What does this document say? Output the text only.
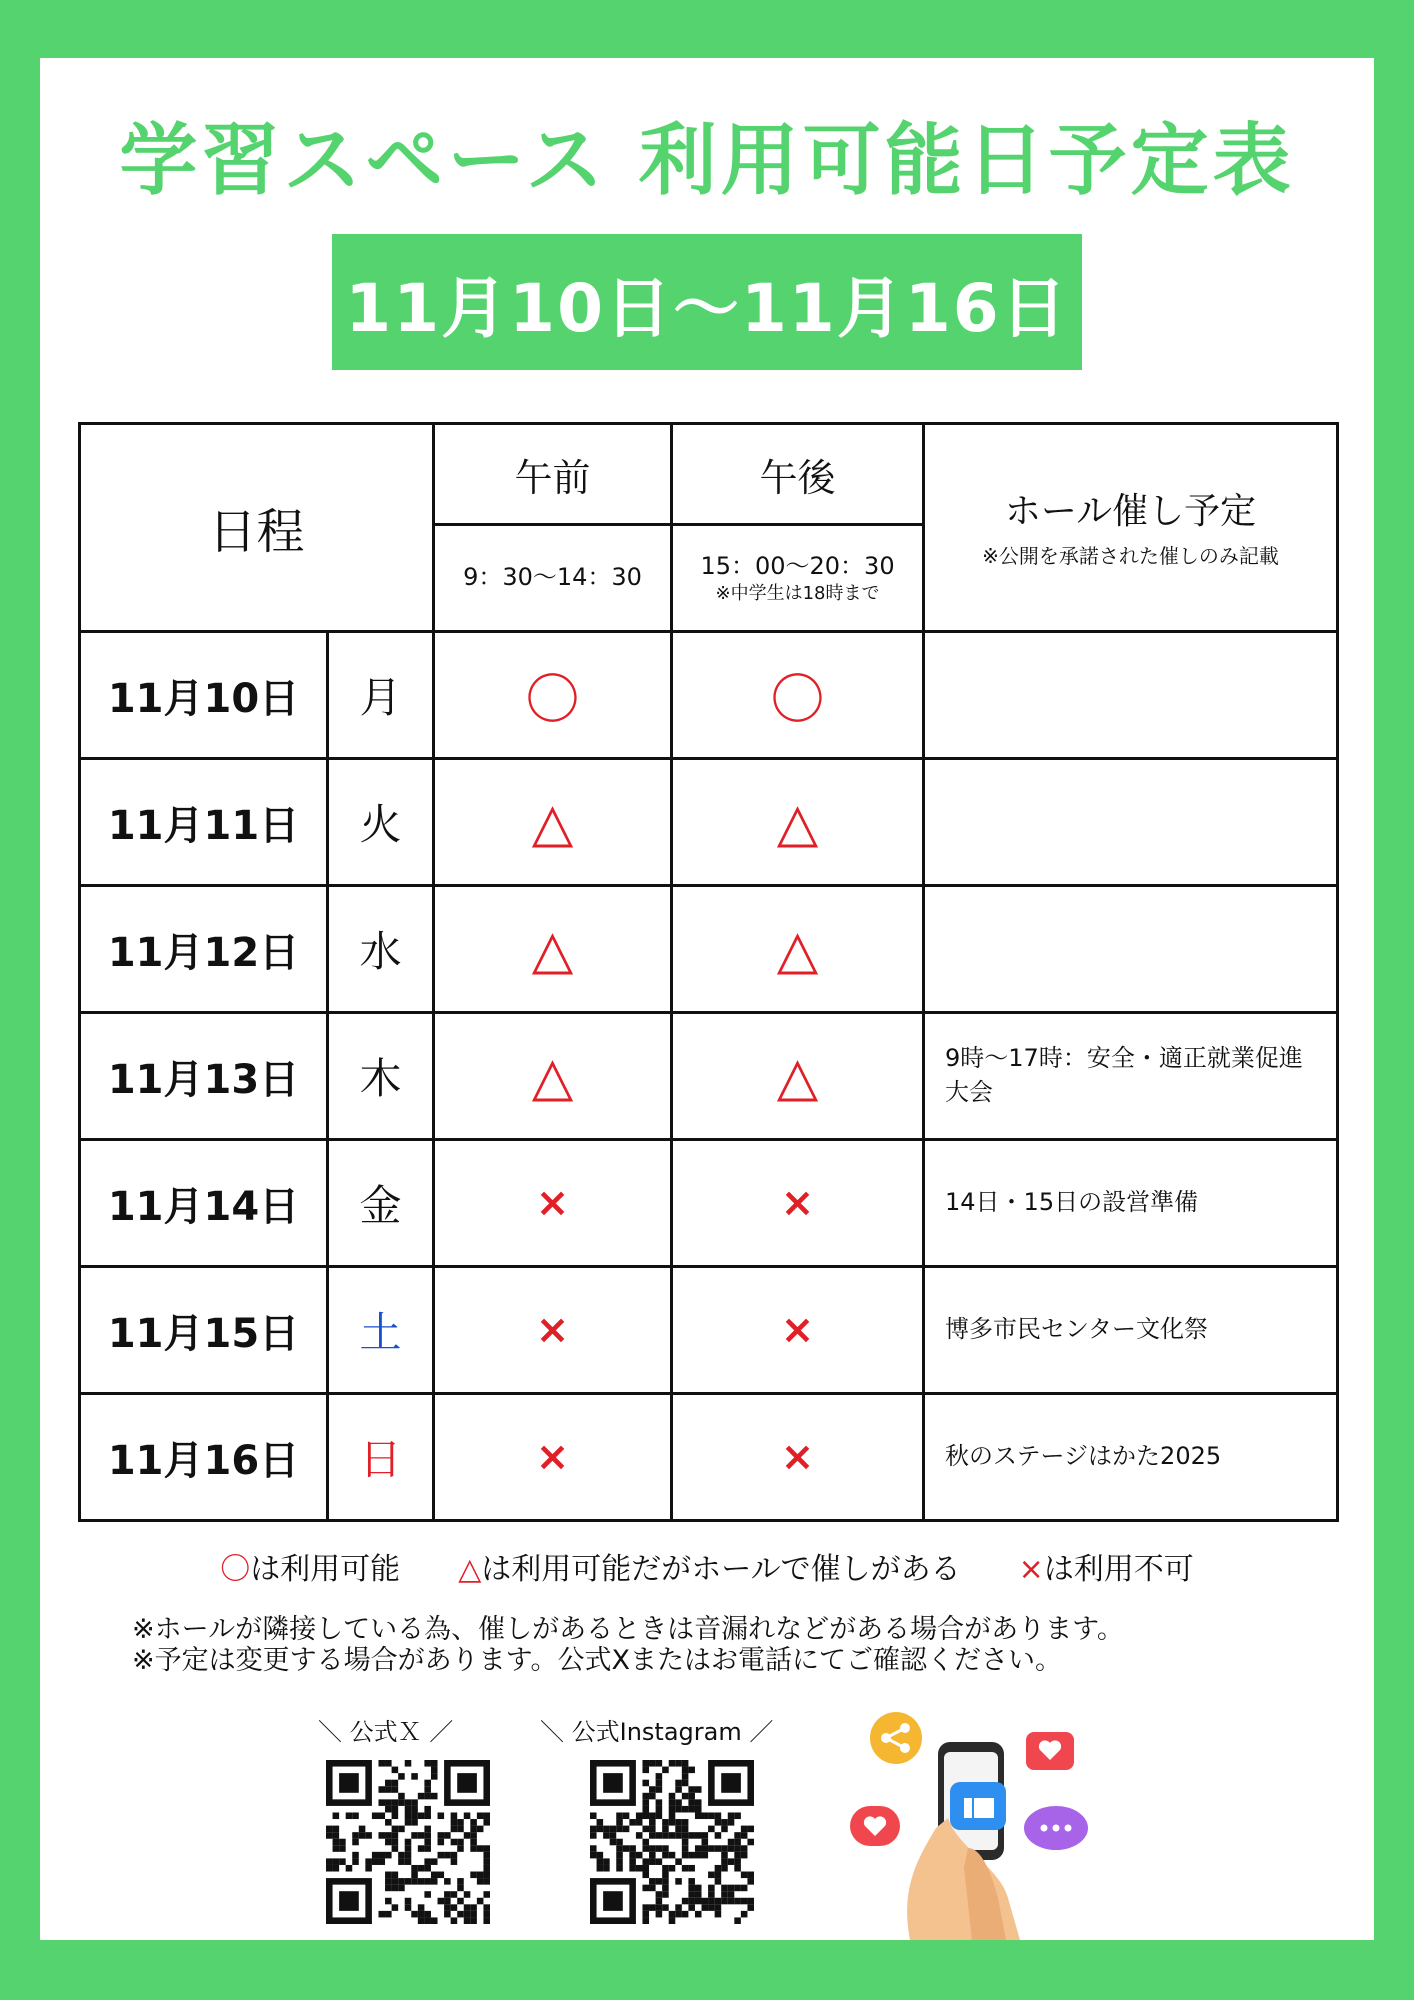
学習スペース 利用可能日予定表
11月10日～11月16日
日程		午前	午後	ホール催し予定
※公開を承諾された催しのみ記載

		9：30～14：30	15：00～20：30
※中学生は18時まで	

11月10日	月	〇	〇	
11月11日	火	△	△	
11月12日	水	△	△	
11月13日	木	△	△	9時～17時：安全・適正就業促進大会
11月14日	金	×	×	14日・15日の設営準備
11月15日	土	×	×	博多市民センター文化祭
11月16日	日	×	×	秋のステージはかた2025
〇は利用可能 △は利用可能だがホールで催しがある ×は利用不可
※ホールが隣接している為、催しがあるときは音漏れなどがある場合があります。
※予定は変更する場合があります。公式Xまたはお電話にてご確認ください。
＼ 公式Ｘ ／	＼ 公式Instagram ／
